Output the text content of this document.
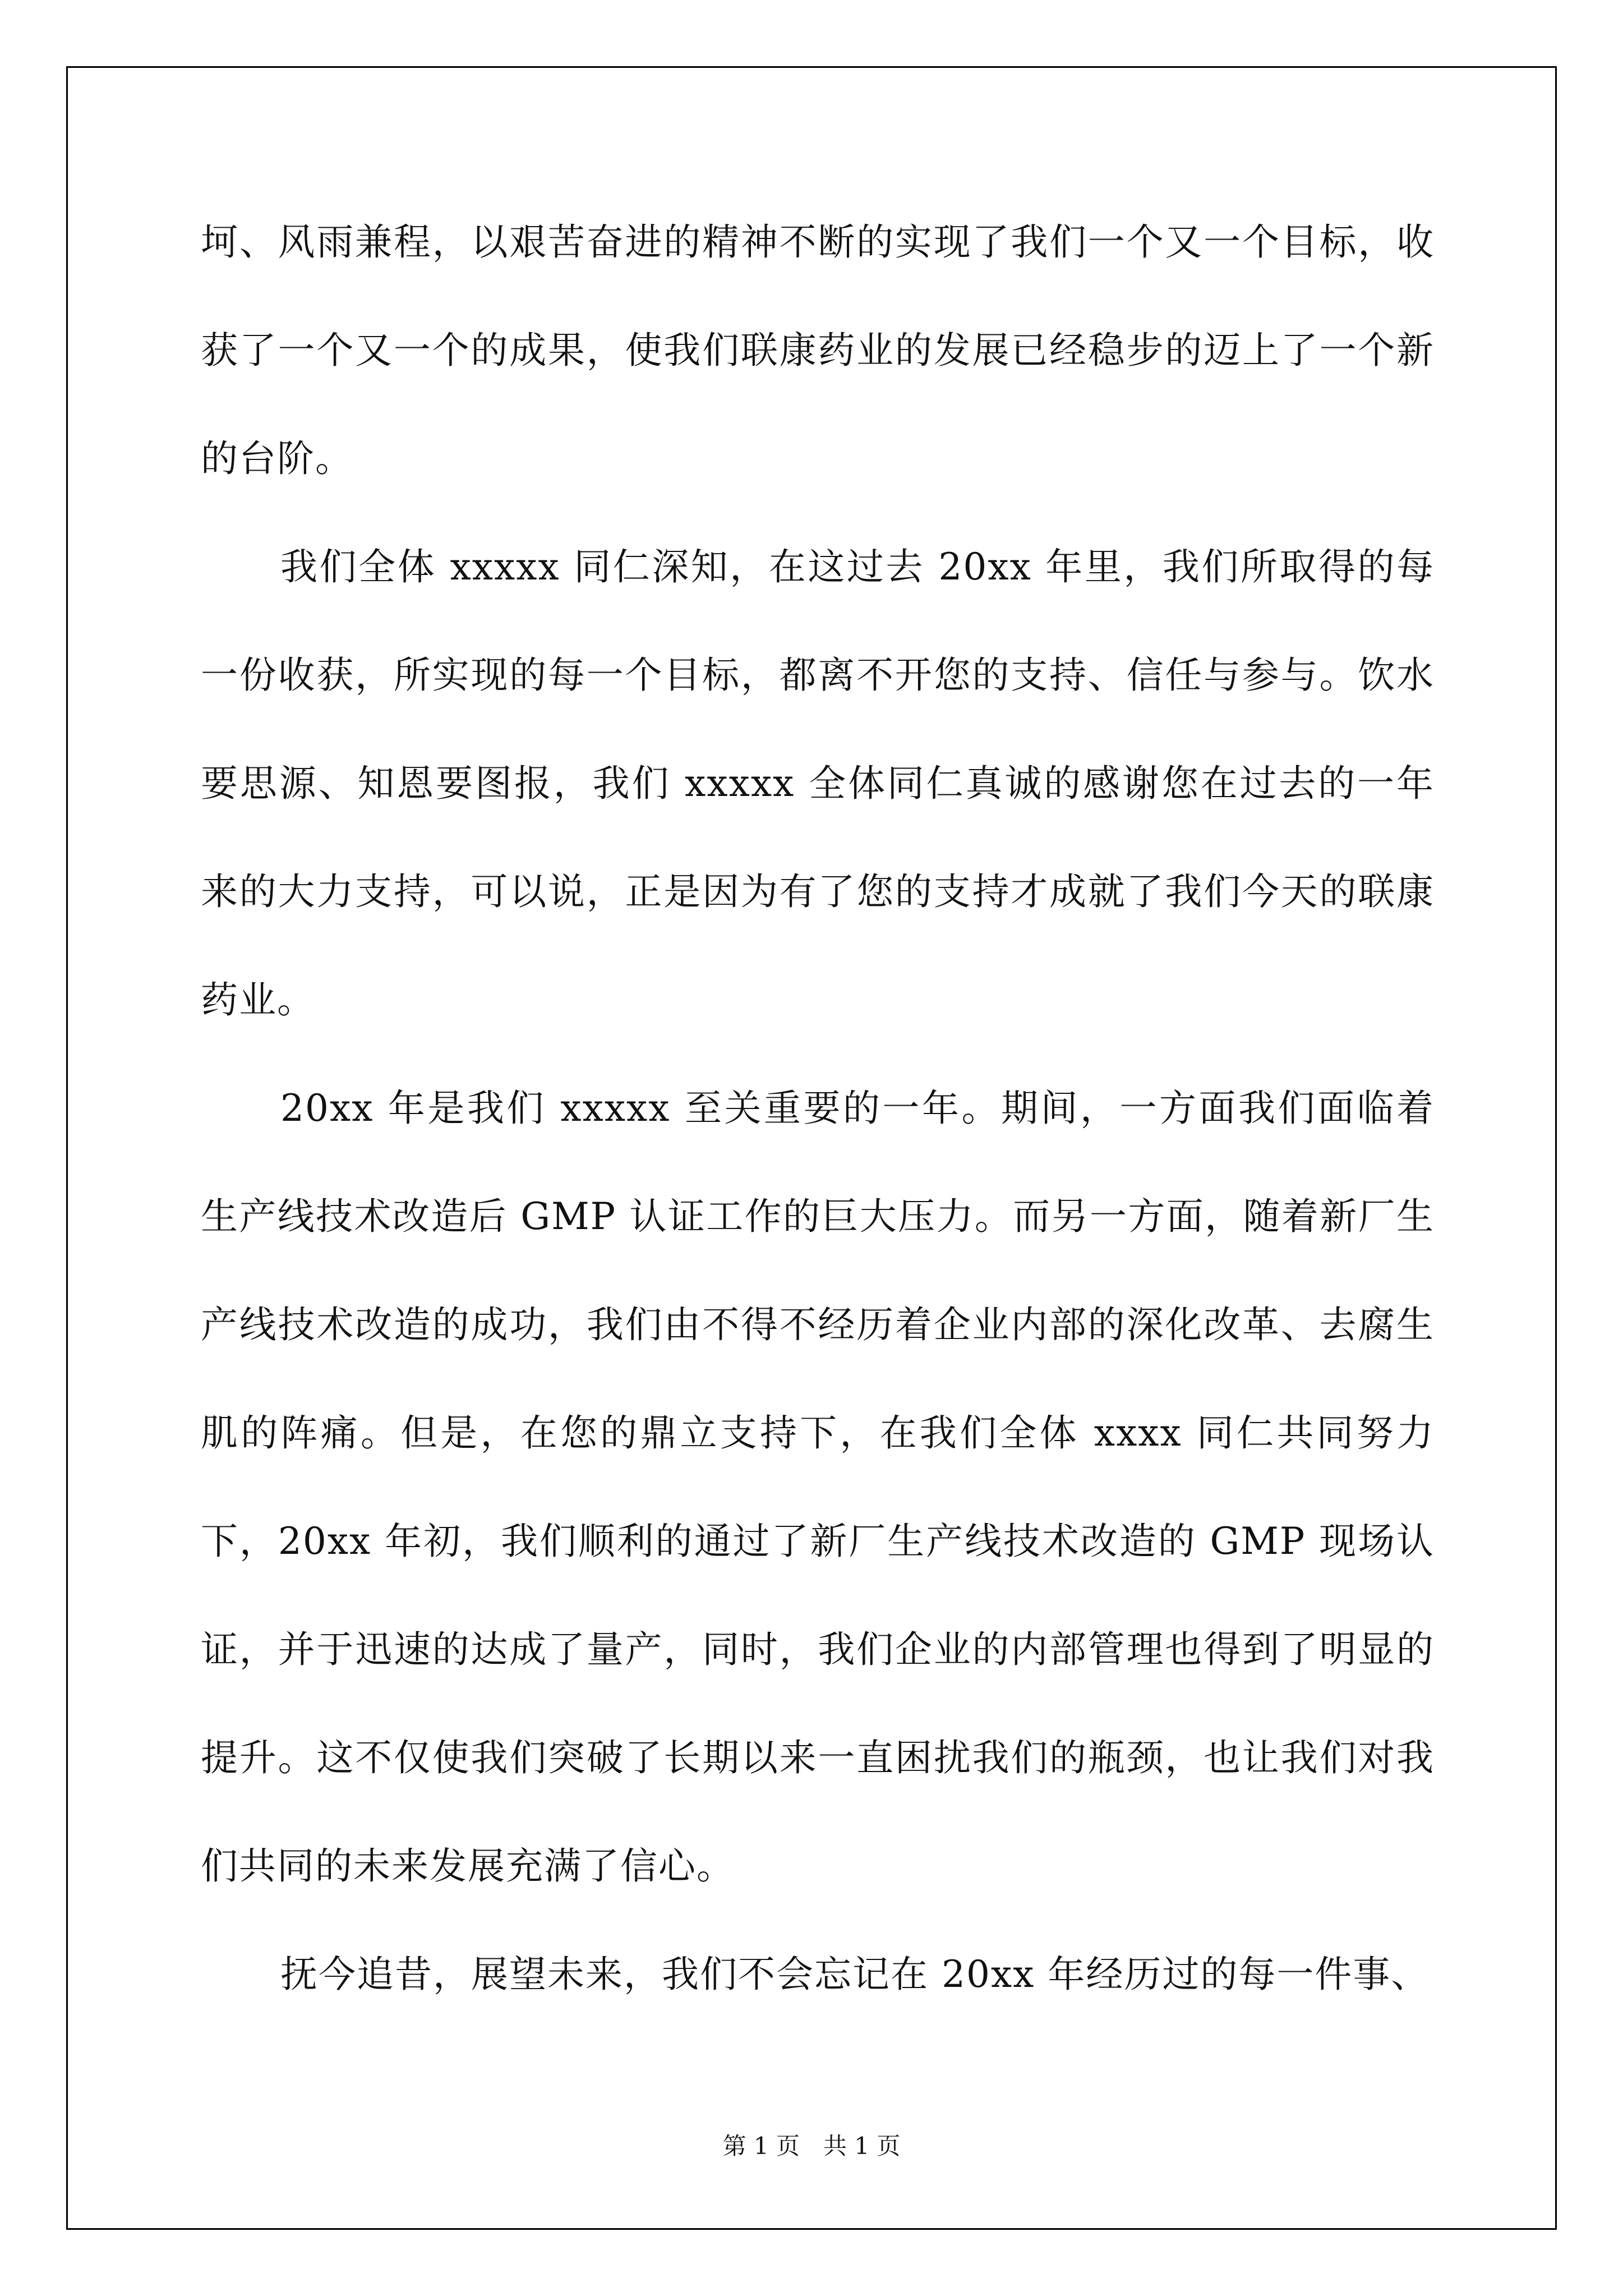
坷、风雨兼程，以艰苦奋进的精神不断的实现了我们一个又一个目标，收获了一个又一个的成果，使我们联康药业的发展已经稳步的迈上了一个新的台阶。

我们全体 xxxxx 同仁深知，在这过去 20xx 年里，我们所取得的每一份收获，所实现的每一个目标，都离不开您的支持、信任与参与。饮水要思源、知恩要图报，我们 xxxxx 全体同仁真诚的感谢您在过去的一年来的大力支持，可以说，正是因为有了您的支持才成就了我们今天的联康药业。

20xx 年是我们 xxxxx 至关重要的一年。期间，一方面我们面临着生产线技术改造后 GMP 认证工作的巨大压力。而另一方面，随着新厂生产线技术改造的成功，我们由不得不经历着企业内部的深化改革、去腐生肌的阵痛。但是，在您的鼎立支持下，在我们全体 xxxx 同仁共同努力下，20xx 年初，我们顺利的通过了新厂生产线技术改造的 GMP 现场认证，并于迅速的达成了量产，同时，我们企业的内部管理也得到了明显的提升。这不仅使我们突破了长期以来一直困扰我们的瓶颈，也让我们对我们共同的未来发展充满了信心。

抚今追昔，展望未来，我们不会忘记在 20xx 年经历过的每一件事、

第 1 页　共 1 页
